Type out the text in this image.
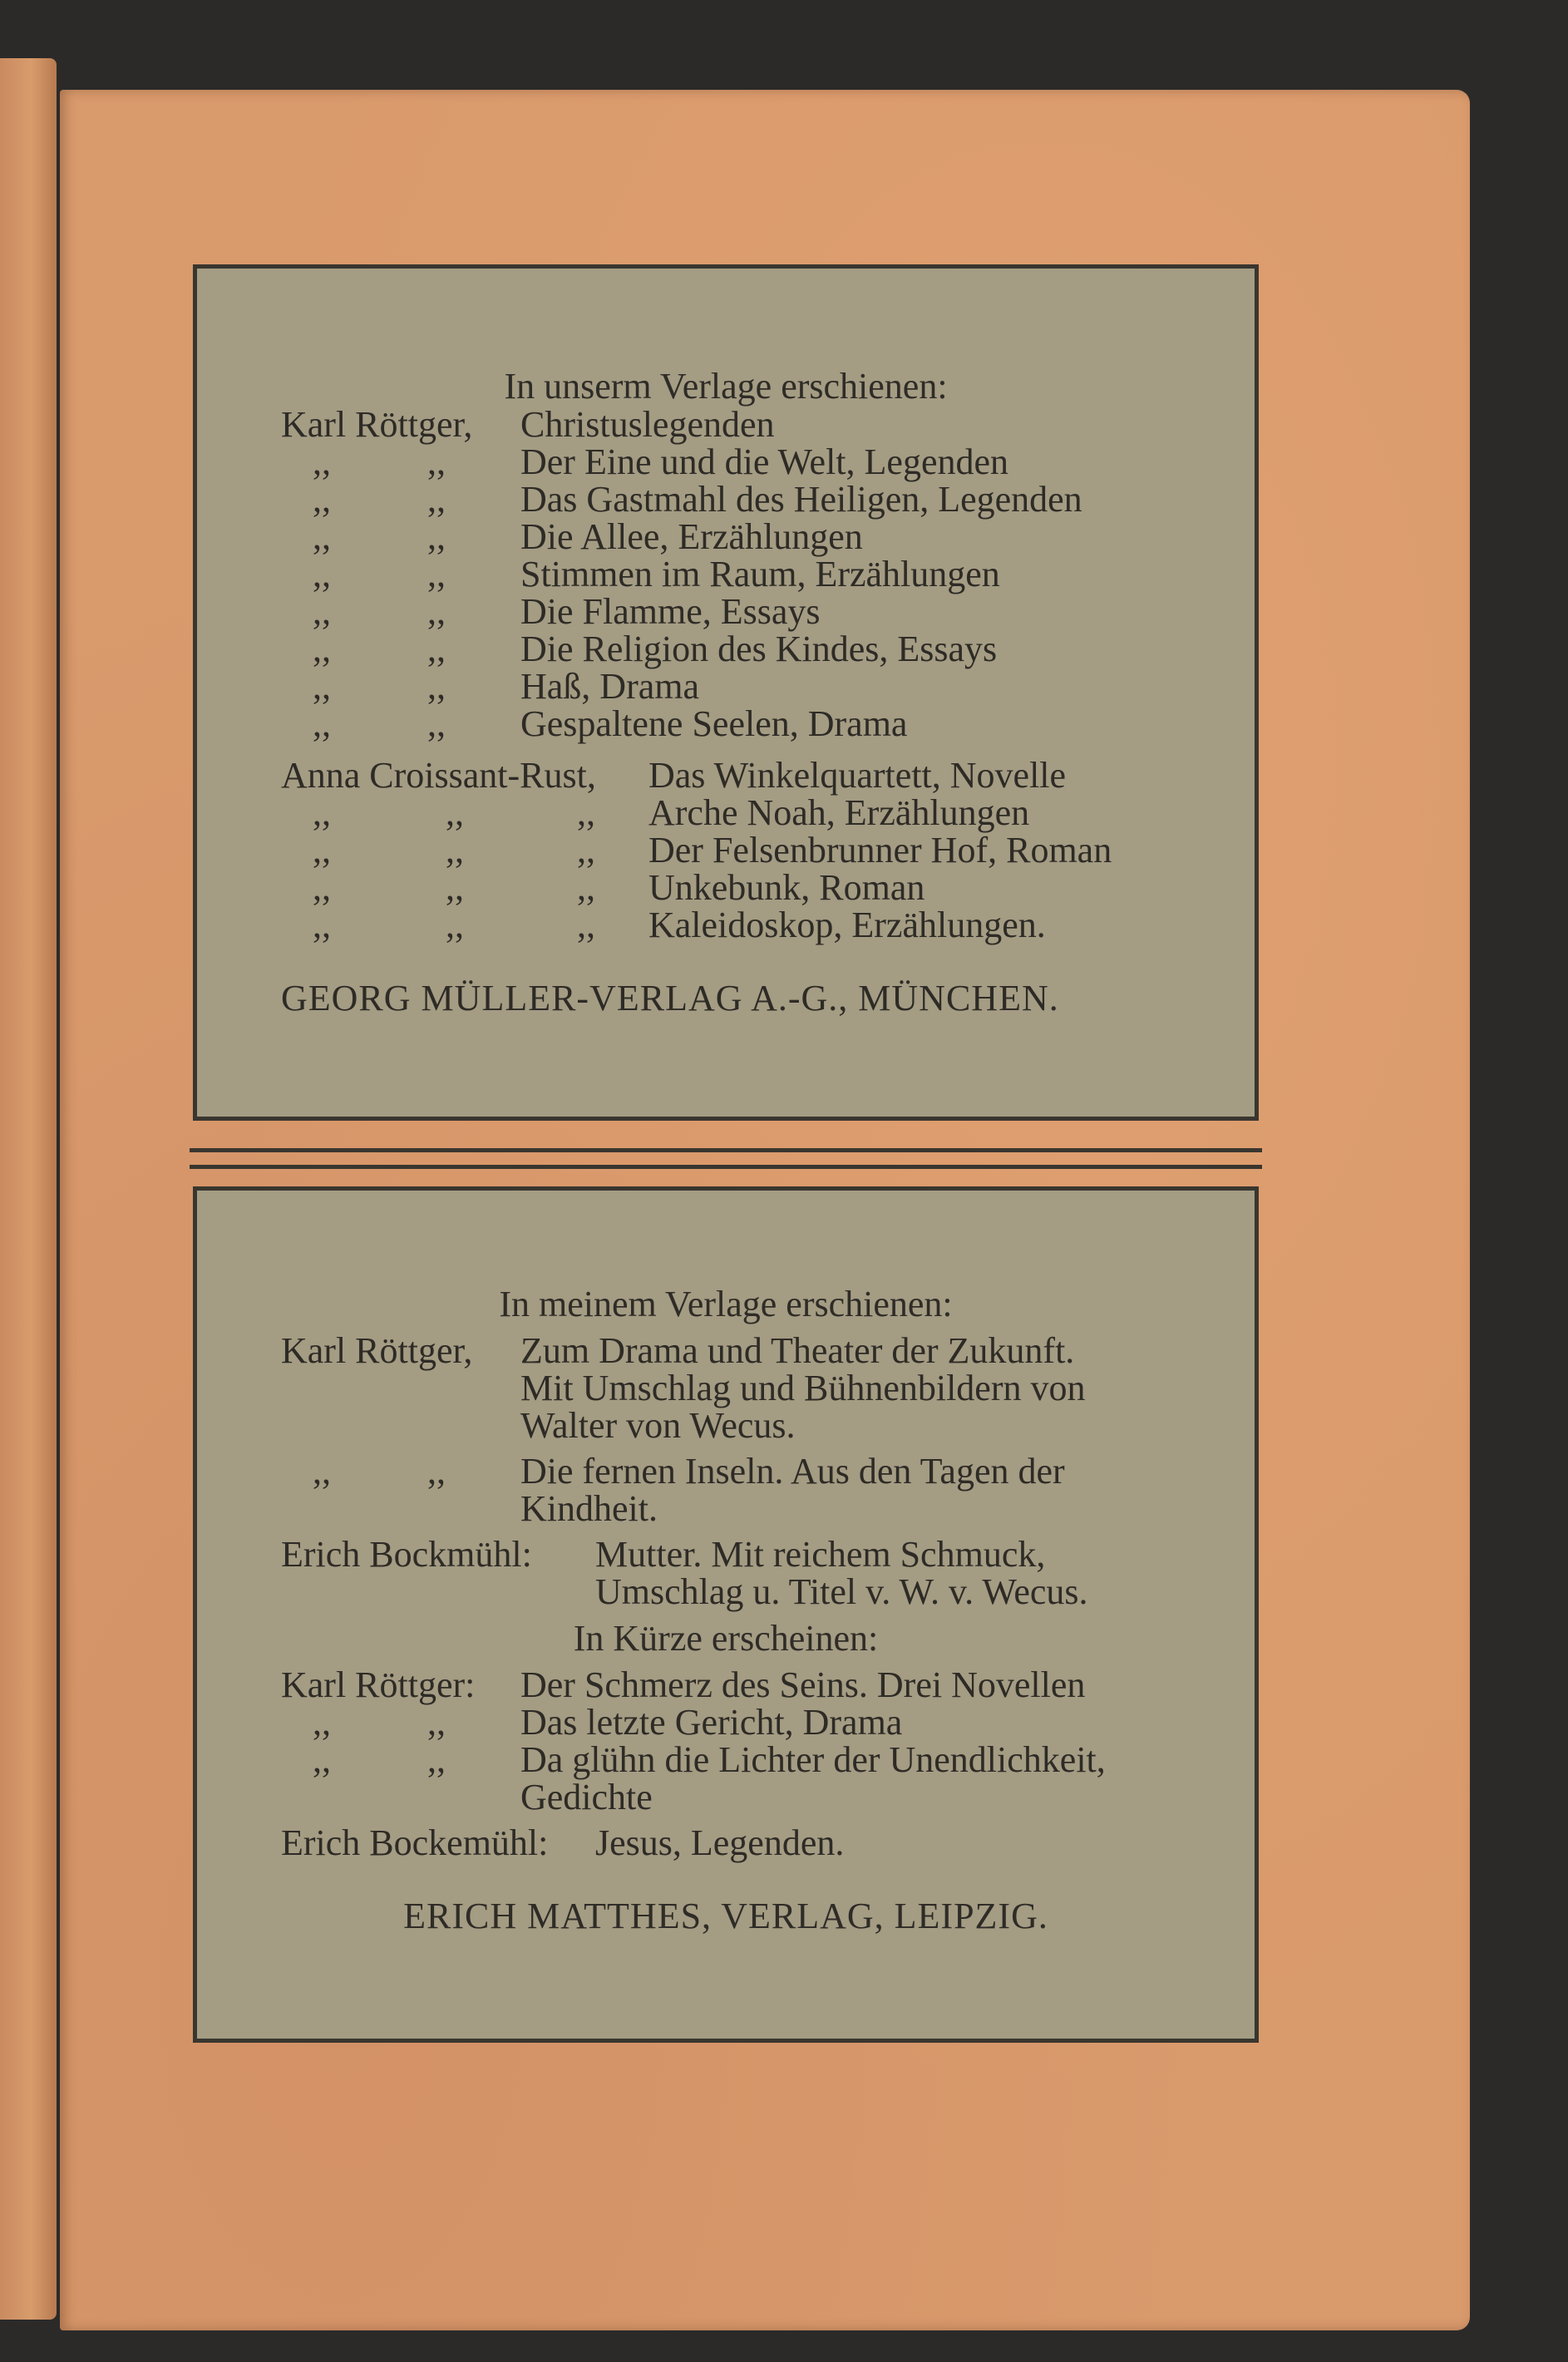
In unserm Verlage erschienen:
Karl Röttger, Christuslegenden
,,	,, Der Eine und die Welt, Legenden
,,	,, Das Gastmahl des Heiligen, Legenden
,,	,, Die Allee, Erzählungen
,,	,, Stimmen im Raum, Erzählungen
,,	,, Die Flamme, Essays
,,	,, Die Religion des Kindes, Essays
,,	,, Haß, Drama
,,	,, Gespaltene Seelen, Drama
Anna Croissant-Rust, Das Winkelquartett, Novelle
,,	,,	,, Arche Noah, Erzählungen
,,	,,	,, Der Felsenbrunner Hof, Roman
,,	,,	,, Unkebunk, Roman
,,	,,	,, Kaleidoskop, Erzählungen.
GEORG MÜLLER-VERLAG A.-G., MÜNCHEN.
In meinem Verlage erschienen:
Karl Röttger, Zum Drama und Theater der Zukunft.
Mit Umschlag und Bühnenbildern von
Walter von Wecus.
,,	,, Die fernen Inseln. Aus den Tagen der
Kindheit.
Erich Bockmühl: Mutter. Mit reichem Schmuck,
Umschlag u. Titel v. W. v. Wecus.
In Kürze erscheinen:
Karl Röttger: Der Schmerz des Seins. Drei Novellen
,,	,, Das letzte Gericht, Drama
,,	,, Da glühn die Lichter der Unendlichkeit,
Gedichte
Erich Bockemühl: Jesus, Legenden.
ERICH MATTHES, VERLAG, LEIPZIG.
